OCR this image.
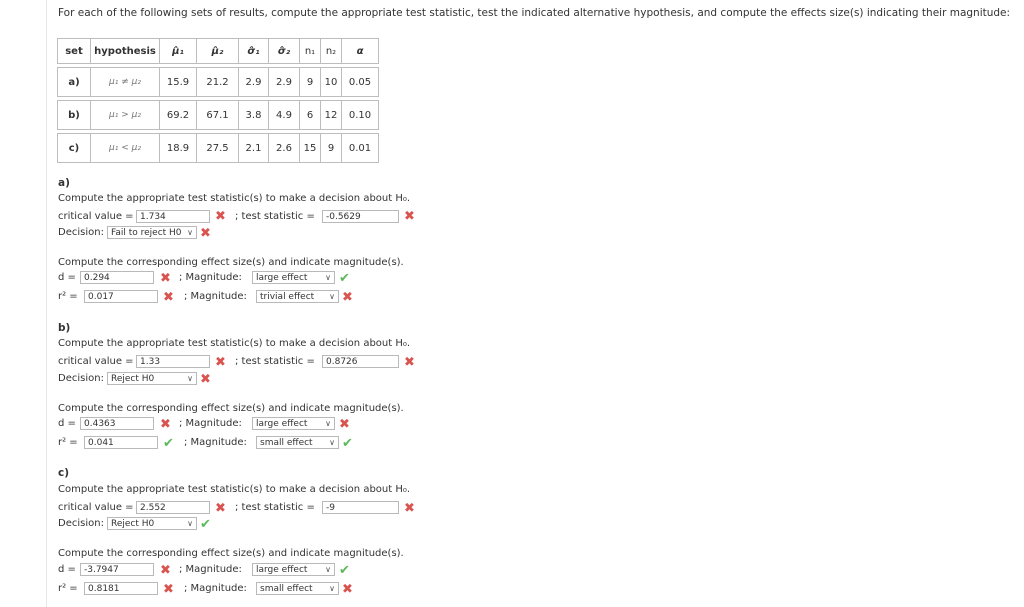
For each of the following sets of results, compute the appropriate test statistic, test the indicated alternative hypothesis, and compute the effects size(s) indicating their magnitude:
set	hypothesis	μ̂₁	μ̂₂	σ̂₁	σ̂₂	n₁	n₂	α

a)	μ₁ ≠ μ₂	15.9	21.2	2.9	2.9	9	10	0.05

b)	μ₁ > μ₂	69.2	67.1	3.8	4.9	6	12	0.10

c)	μ₁ < μ₂	18.9	27.5	2.1	2.6	15	9	0.01
a)
Compute the appropriate test statistic(s) to make a decision about H₀.
critical value = 1.734	✖ ; test statistic =	-0.5629	✖
Decision: Fail to reject H0 ∨ ✖
Compute the corresponding effect size(s) and indicate magnitude(s).
d = 0.294	✖ ; Magnitude:	large effect ∨ ✔
r² =	0.017	✖ ; Magnitude:	trivial effect ∨ ✖
b)
Compute the appropriate test statistic(s) to make a decision about H₀.
critical value = 1.33	✖ ; test statistic =	0.8726	✖
Decision: Reject H0	∨ ✖
Compute the corresponding effect size(s) and indicate magnitude(s).
d = 0.4363	✖ ; Magnitude:	large effect ∨ ✖
r² =	0.041	✔ ; Magnitude:	small effect ∨ ✔
c)
Compute the appropriate test statistic(s) to make a decision about H₀.
critical value = 2.552	✖ ; test statistic =	-9	✖
Decision: Reject H0	∨ ✔
Compute the corresponding effect size(s) and indicate magnitude(s).
d = -3.7947	✖ ; Magnitude:	large effect ∨ ✔
r² =	0.8181	✖ ; Magnitude:	small effect ∨ ✖
